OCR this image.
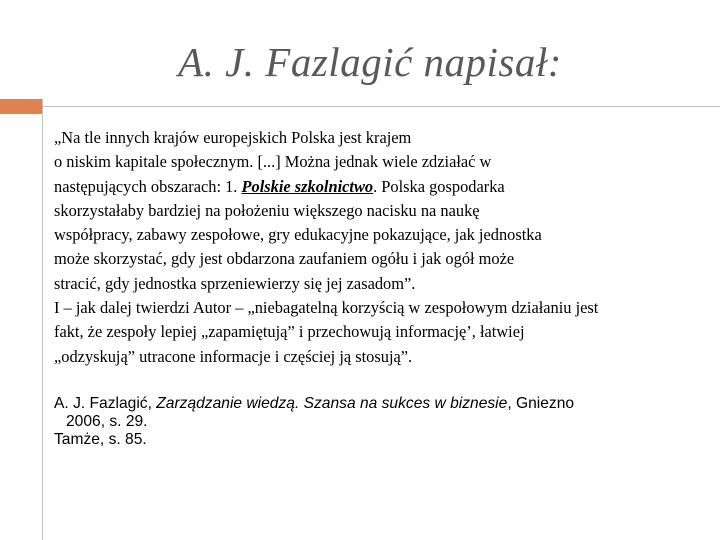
A. J. Fazlagić napisał:
„Na tle innych krajów europejskich Polska jest krajem
o niskim kapitale społecznym. [...] Można jednak wiele zdziałać w
następujących obszarach: 1. Polskie szkolnictwo. Polska gospodarka
skorzystałaby bardziej na położeniu większego nacisku na naukę
współpracy, zabawy zespołowe, gry edukacyjne pokazujące, jak jednostka
może skorzystać, gdy jest obdarzona zaufaniem ogółu i jak ogół może
stracić, gdy jednostka sprzeniewierzy się jej zasadom”.
I – jak dalej twierdzi Autor – „niebagatelną korzyścią w zespołowym działaniu jest
fakt, że zespoły lepiej „zapamiętują” i przechowują informację’, łatwiej
„odzyskują” utracone informacje i częściej ją stosują”.
A. J. Fazlagić, Zarządzanie wiedzą. Szansa na sukces w biznesie, Gniezno
2006, s. 29.
Tamże, s. 85.
